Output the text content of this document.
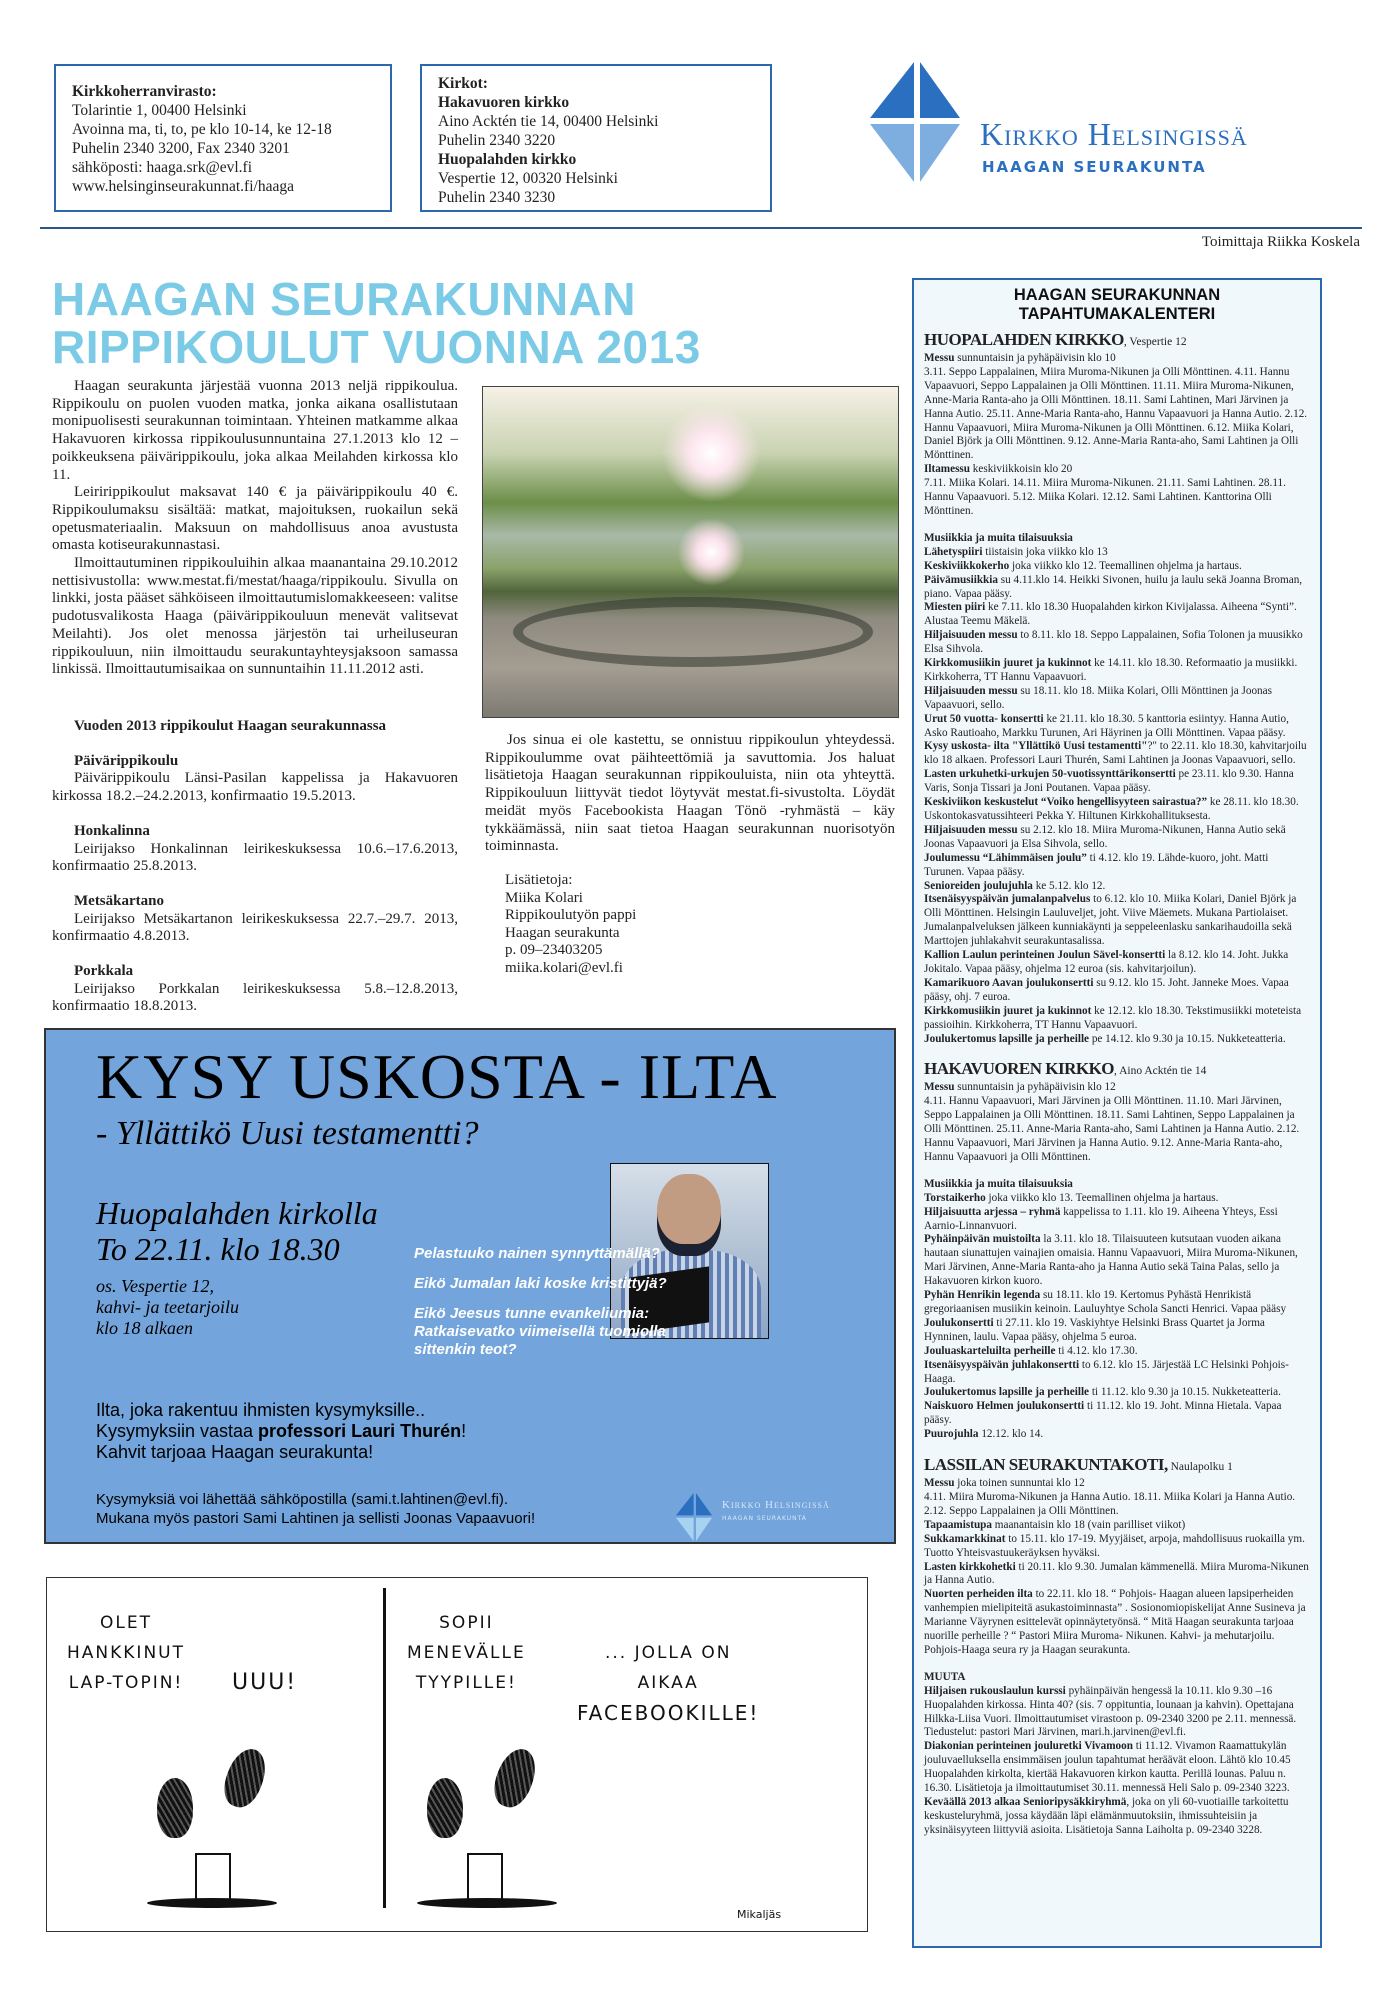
Kirkkoherranvirasto:
Tolarintie 1, 00400 Helsinki
Avoinna ma, ti, to, pe klo 10-14, ke 12-18
Puhelin 2340 3200, Fax 2340 3201
sähköposti: haaga.srk@evl.fi
www.helsinginseurakunnat.fi/haaga
Kirkot:
Hakavuoren kirkko
Aino Acktén tie 14, 00400 Helsinki
Puhelin 2340 3220
Huopalahden kirkko
Vespertie 12, 00320 Helsinki
Puhelin 2340 3230
Kirkko Helsingissä
HAAGAN SEURAKUNTA
Toimittaja Riikka Koskela
HAAGAN SEURAKUNNAN
RIPPIKOULUT VUONNA 2013

Haagan seurakunta järjestää vuonna 2013 neljä rippikoulua. Rippikoulu on puolen vuoden matka, jonka aikana osallistutaan monipuolisesti seurakunnan toimintaan. Yhteinen matkamme alkaa Hakavuoren kirkossa rippikoulusunnuntaina 27.1.2013 klo 12 – poikkeuksena päivärippikoulu, joka alkaa Meilahden kirkossa klo 11.

Leiririppikoulut maksavat 140 € ja päivärippikoulu 40 €. Rippikoulumaksu sisältää: matkat, majoituksen, ruokailun sekä opetusmateriaalin. Maksuun on mahdollisuus anoa avustusta omasta kotiseurakunnastasi.

Ilmoittautuminen rippikouluihin alkaa maanantaina 29.10.2012 nettisivustolla: www.mestat.fi/mestat/haaga/rippikoulu. Sivulla on linkki, josta pääset sähköiseen ilmoittautumislomakkeeseen: valitse pudotusvalikosta Haaga (päivärippikouluun menevät valitsevat Meilahti). Jos olet menossa järjestön tai urheiluseuran rippikouluun, niin ilmoittaudu seurakuntayhteysjaksoon samassa linkissä. Ilmoittautumisaikaa on sunnuntaihin 11.11.2012 asti.

Vuoden 2013 rippikoulut Haagan seurakunnassa
Päivärippikoulu

Päivärippikoulu Länsi-Pasilan kappelissa ja Hakavuoren kirkossa 18.2.–24.2.2013, konfirmaatio 19.5.2013.

Honkalinna

Leirijakso Honkalinnan leirikeskuksessa 10.6.–17.6.2013, konfirmaatio 25.8.2013.

Metsäkartano

Leirijakso Metsäkartanon leirikeskuksessa 22.7.–29.7. 2013, konfirmaatio 4.8.2013.

Porkkala

Leirijakso Porkkalan leirikeskuksessa 5.8.–12.8.2013, konfirmaatio 18.8.2013.

Jos sinua ei ole kastettu, se onnistuu rippikoulun yhteydessä. Rippikoulumme ovat päihteettömiä ja savuttomia. Jos haluat lisätietoja Haagan seurakunnan rippikouluista, niin ota yhteyttä. Rippikouluun liittyvät tiedot löytyvät mestat.fi-sivustolta. Löydät meidät myös Facebookista Haagan Tönö -ryhmästä – käy tykkäämässä, niin saat tietoa Haagan seurakunnan nuorisotyön toiminnasta.

Lisätietoja:
Miika Kolari
Rippikoulutyön pappi
Haagan seurakunta
p. 09–23403205
miika.kolari@evl.fi
KYSY USKOSTA - ILTA
- Yllättikö Uusi testamentti?
Huopalahden kirkolla
To 22.11. klo 18.30
os. Vespertie 12,
kahvi- ja teetarjoilu
klo 18 alkaen
Pelastuuko nainen synnyttämällä?
Eikö Jumalan laki koske kristittyjä?
Eikö Jeesus tunne evankeliumia:
Ratkaisevatko viimeisellä tuomiolla
sittenkin teot?
Ilta, joka rakentuu ihmisten kysymyksille..
Kysymyksiin vastaa professori Lauri Thurén!
Kahvit tarjoaa Haagan seurakunta!
Kysymyksiä voi lähettää sähköpostilla (sami.t.lahtinen@evl.fi).
Mukana myös pastori Sami Lahtinen ja sellisti Joonas Vapaavuori!
Kirkko Helsingissä
HAAGAN SEURAKUNTA
OLET
HANKKINUT
LAP-TOPIN! UUU!
SOPII
MENEVÄLLE
TYYPILLE!
... JOLLA ON
AIKAA
FACEBOOKILLE!
Mikaljäs
HAAGAN SEURAKUNNAN
TAPAHTUMAKALENTERI
HUOPALAHDEN KIRKKO, Vespertie 12

Messu sunnuntaisin ja pyhäpäivisin klo 10

3.11. Seppo Lappalainen, Miira Muroma-Nikunen ja Olli Mönttinen. 4.11. Hannu Vapaavuori, Seppo Lappalainen ja Olli Mönttinen. 11.11. Miira Muroma-Nikunen, Anne-Maria Ranta-aho ja Olli Mönttinen. 18.11. Sami Lahtinen, Mari Järvinen ja Hanna Autio. 25.11. Anne-Maria Ranta-aho, Hannu Vapaavuori ja Hanna Autio. 2.12. Hannu Vapaavuori, Miira Muroma-Nikunen ja Olli Mönttinen. 6.12. Miika Kolari, Daniel Björk ja Olli Mönttinen. 9.12. Anne-Maria Ranta-aho, Sami Lahtinen ja Olli Mönttinen.

Iltamessu keskiviikkoisin klo 20

7.11. Miika Kolari. 14.11. Miira Muroma-Nikunen. 21.11. Sami Lahtinen. 28.11. Hannu Vapaavuori. 5.12. Miika Kolari. 12.12. Sami Lahtinen. Kanttorina Olli Mönttinen.

Musiikkia ja muita tilaisuuksia

Lähetyspiiri tiistaisin joka viikko klo 13

Keskiviikkokerho joka viikko klo 12. Teemallinen ohjelma ja hartaus.

Päivämusiikkia su 4.11.klo 14. Heikki Sivonen, huilu ja laulu sekä Joanna Broman, piano. Vapaa pääsy.

Miesten piiri ke 7.11. klo 18.30 Huopalahden kirkon Kivijalassa. Aiheena “Synti”. Alustaa Teemu Mäkelä.

Hiljaisuuden messu to 8.11. klo 18. Seppo Lappalainen, Sofia Tolonen ja muusikko Elsa Sihvola.

Kirkkomusiikin juuret ja kukinnot ke 14.11. klo 18.30. Reformaatio ja musiikki. Kirkkoherra, TT Hannu Vapaavuori.

Hiljaisuuden messu su 18.11. klo 18. Miika Kolari, Olli Mönttinen ja Joonas Vapaavuori, sello.

Urut 50 vuotta- konsertti ke 21.11. klo 18.30. 5 kanttoria esiintyy. Hanna Autio, Asko Rautioaho, Markku Turunen, Ari Häyrinen ja Olli Mönttinen. Vapaa pääsy.

Kysy uskosta- ilta "Yllättikö Uusi testamentti"?" to 22.11. klo 18.30, kahvitarjoilu klo 18 alkaen. Professori Lauri Thurén, Sami Lahtinen ja Joonas Vapaavuori, sello.

Lasten urkuhetki-urkujen 50-vuotissynttärikonsertti pe 23.11. klo 9.30. Hanna Varis, Sonja Tissari ja Joni Poutanen. Vapaa pääsy.

Keskiviikon keskustelut “Voiko hengellisyyteen sairastua?” ke 28.11. klo 18.30. Uskontokasvatussihteeri Pekka Y. Hiltunen Kirkkohallituksesta.

Hiljaisuuden messu su 2.12. klo 18. Miira Muroma-Nikunen, Hanna Autio sekä Joonas Vapaavuori ja Elsa Sihvola, sello.

Joulumessu “Lähimmäisen joulu” ti 4.12. klo 19. Lähde-kuoro, joht. Matti Turunen. Vapaa pääsy.

Senioreiden joulujuhla ke 5.12. klo 12.

Itsenäisyyspäivän jumalanpalvelus to 6.12. klo 10. Miika Kolari, Daniel Björk ja Olli Mönttinen. Helsingin Lauluveljet, joht. Viive Mäemets. Mukana Partiolaiset. Jumalanpalveluksen jälkeen kunniakäynti ja seppeleenlasku sankarihaudoilla sekä Marttojen juhlakahvit seurakuntasalissa.

Kallion Laulun perinteinen Joulun Sävel-konsertti la 8.12. klo 14. Joht. Jukka Jokitalo. Vapaa pääsy, ohjelma 12 euroa (sis. kahvitarjoilun).

Kamarikuoro Aavan joulukonsertti su 9.12. klo 15. Joht. Janneke Moes. Vapaa pääsy, ohj. 7 euroa.

Kirkkomusiikin juuret ja kukinnot ke 12.12. klo 18.30. Tekstimusiikki moteteista passioihin. Kirkkoherra, TT Hannu Vapaavuori.

Joulukertomus lapsille ja perheille pe 14.12. klo 9.30 ja 10.15. Nukketeatteria.

HAKAVUOREN KIRKKO, Aino Acktén tie 14

Messu sunnuntaisin ja pyhäpäivisin klo 12

4.11. Hannu Vapaavuori, Mari Järvinen ja Olli Mönttinen. 11.10. Mari Järvinen, Seppo Lappalainen ja Olli Mönttinen. 18.11. Sami Lahtinen, Seppo Lappalainen ja Olli Mönttinen. 25.11. Anne-Maria Ranta-aho, Sami Lahtinen ja Hanna Autio. 2.12. Hannu Vapaavuori, Mari Järvinen ja Hanna Autio. 9.12. Anne-Maria Ranta-aho, Hannu Vapaavuori ja Olli Mönttinen.

Musiikkia ja muita tilaisuuksia

Torstaikerho joka viikko klo 13. Teemallinen ohjelma ja hartaus.

Hiljaisuutta arjessa – ryhmä kappelissa to 1.11. klo 19. Aiheena Yhteys, Essi Aarnio-Linnanvuori.

Pyhäinpäivän muistoilta la 3.11. klo 18. Tilaisuuteen kutsutaan vuoden aikana hautaan siunattujen vainajien omaisia. Hannu Vapaavuori, Miira Muroma-Nikunen, Mari Järvinen, Anne-Maria Ranta-aho ja Hanna Autio sekä Taina Palas, sello ja Hakavuoren kirkon kuoro.

Pyhän Henrikin legenda su 18.11. klo 19. Kertomus Pyhästä Henrikistä gregoriaanisen musiikin keinoin. Lauluyhtye Schola Sancti Henrici. Vapaa pääsy

Joulukonsertti ti 27.11. klo 19. Vaskiyhtye Helsinki Brass Quartet ja Jorma Hynninen, laulu. Vapaa pääsy, ohjelma 5 euroa.

Jouluaskarteluilta perheille ti 4.12. klo 17.30.

Itsenäisyyspäivän juhlakonsertti to 6.12. klo 15. Järjestää LC Helsinki Pohjois-Haaga.

Joulukertomus lapsille ja perheille ti 11.12. klo 9.30 ja 10.15. Nukketeatteria.

Naiskuoro Helmen joulukonsertti ti 11.12. klo 19. Joht. Minna Hietala. Vapaa pääsy.

Puurojuhla 12.12. klo 14.

LASSILAN SEURAKUNTAKOTI, Naulapolku 1

Messu joka toinen sunnuntai klo 12

4.11. Miira Muroma-Nikunen ja Hanna Autio. 18.11. Miika Kolari ja Hanna Autio. 2.12. Seppo Lappalainen ja Olli Mönttinen.

Tapaamistupa maanantaisin klo 18 (vain parilliset viikot)

Sukkamarkkinat to 15.11. klo 17-19. Myyjäiset, arpoja, mahdollisuus ruokailla ym. Tuotto Yhteisvastuukeräyksen hyväksi.

Lasten kirkkohetki ti 20.11. klo 9.30. Jumalan kämmenellä. Miira Muroma-Nikunen ja Hanna Autio.

Nuorten perheiden ilta to 22.11. klo 18. “ Pohjois- Haagan alueen lapsiperheiden vanhempien mielipiteitä asukastoiminnasta” . Sosionomiopiskelijat Anne Susineva ja Marianne Väyrynen esittelevät opinnäytetyönsä. “ Mitä Haagan seurakunta tarjoaa nuorille perheille ? “ Pastori Miira Muroma- Nikunen. Kahvi- ja mehutarjoilu. Pohjois-Haaga seura ry ja Haagan seurakunta.

MUUTA

Hiljaisen rukouslaulun kurssi pyhäinpäivän hengessä la 10.11. klo 9.30 –16 Huopalahden kirkossa. Hinta 40? (sis. 7 oppituntia, lounaan ja kahvin). Opettajana Hilkka-Liisa Vuori. Ilmoittautumiset virastoon p. 09-2340 3200 pe 2.11. mennessä. Tiedustelut: pastori Mari Järvinen, mari.h.jarvinen@evl.fi.

Diakonian perinteinen jouluretki Vivamoon ti 11.12. Vivamon Raamattukylän jouluvaelluksella ensimmäisen joulun tapahtumat heräävät eloon. Lähtö klo 10.45 Huopalahden kirkolta, kiertää Hakavuoren kirkon kautta. Perillä lounas. Paluu n. 16.30. Lisätietoja ja ilmoittautumiset 30.11. mennessä Heli Salo p. 09-2340 3223.

Keväällä 2013 alkaa Senioripysäkkiryhmä, joka on yli 60-vuotiaille tarkoitettu keskusteluryhmä, jossa käydään läpi elämänmuutoksiin, ihmissuhteisiin ja yksinäisyyteen liittyviä asioita. Lisätietoja Sanna Laiholta p. 09-2340 3228.
